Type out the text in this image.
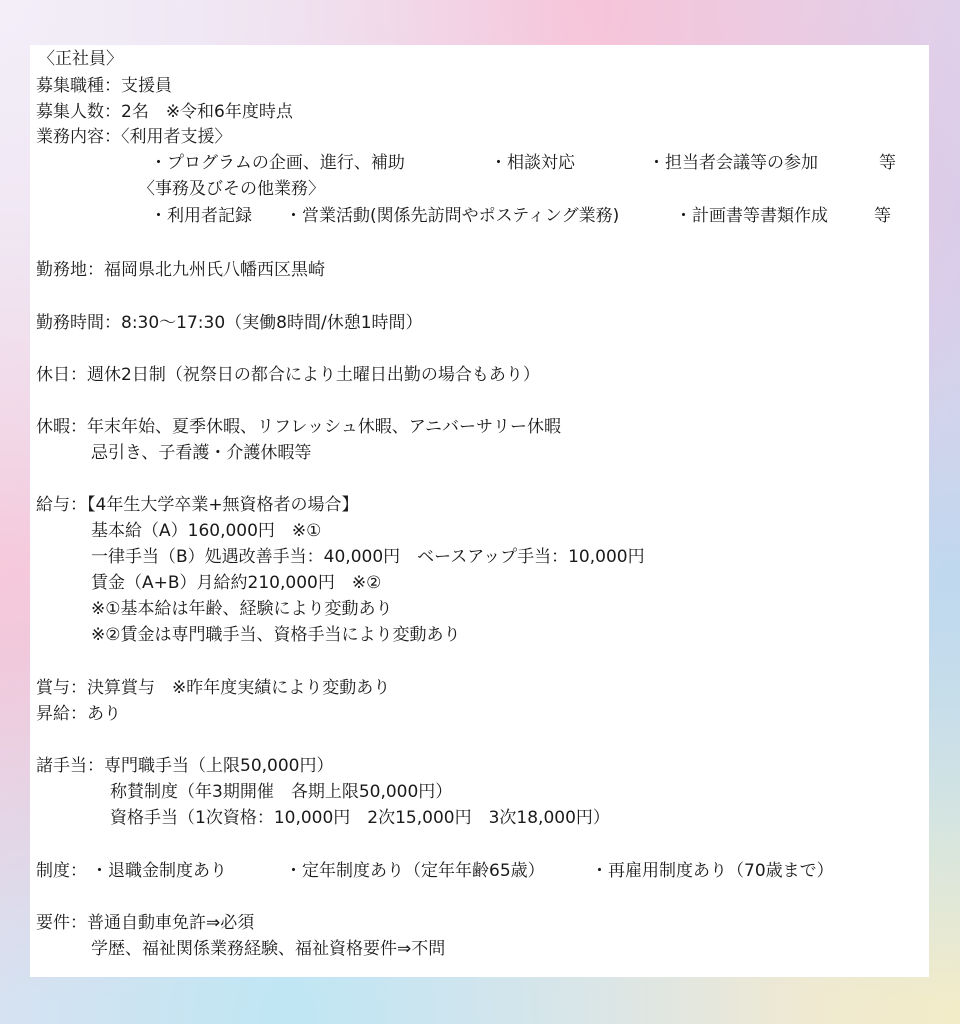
〈正社員〉
募集職種：支援員
募集人数：2名　※令和6年度時点
業務内容：〈利用者支援〉
・プログラムの企画、進行、補助	・相談対応	・担当者会議等の参加	等
〈事務及びその他業務〉
・利用者記録 ・営業活動(関係先訪問やポスティング業務)	・計画書等書類作成	等
勤務地：福岡県北九州氏八幡西区黒崎
勤務時間：8:30～17:30（実働8時間/休憩1時間）
休日：週休2日制（祝祭日の都合により土曜日出勤の場合もあり）
休暇：年末年始、夏季休暇、リフレッシュ休暇、アニバーサリー休暇
忌引き、子看護・介護休暇等
給与：【4年生大学卒業+無資格者の場合】
基本給（A）160,000円　※①
一律手当（B）処遇改善手当：40,000円　ベースアップ手当：10,000円
賃金（A+B）月給約210,000円　※②
※①基本給は年齢、経験により変動あり
※②賃金は専門職手当、資格手当により変動あり
賞与：決算賞与　※昨年度実績により変動あり
昇給：あり
諸手当：専門職手当（上限50,000円）
称賛制度（年3期開催　各期上限50,000円）
資格手当（1次資格：10,000円　2次15,000円　3次18,000円）
制度： ・退職金制度あり	・定年制度あり（定年年齢65歳）	・再雇用制度あり（70歳まで）
要件：普通自動車免許⇒必須
学歴、福祉関係業務経験、福祉資格要件⇒不問
